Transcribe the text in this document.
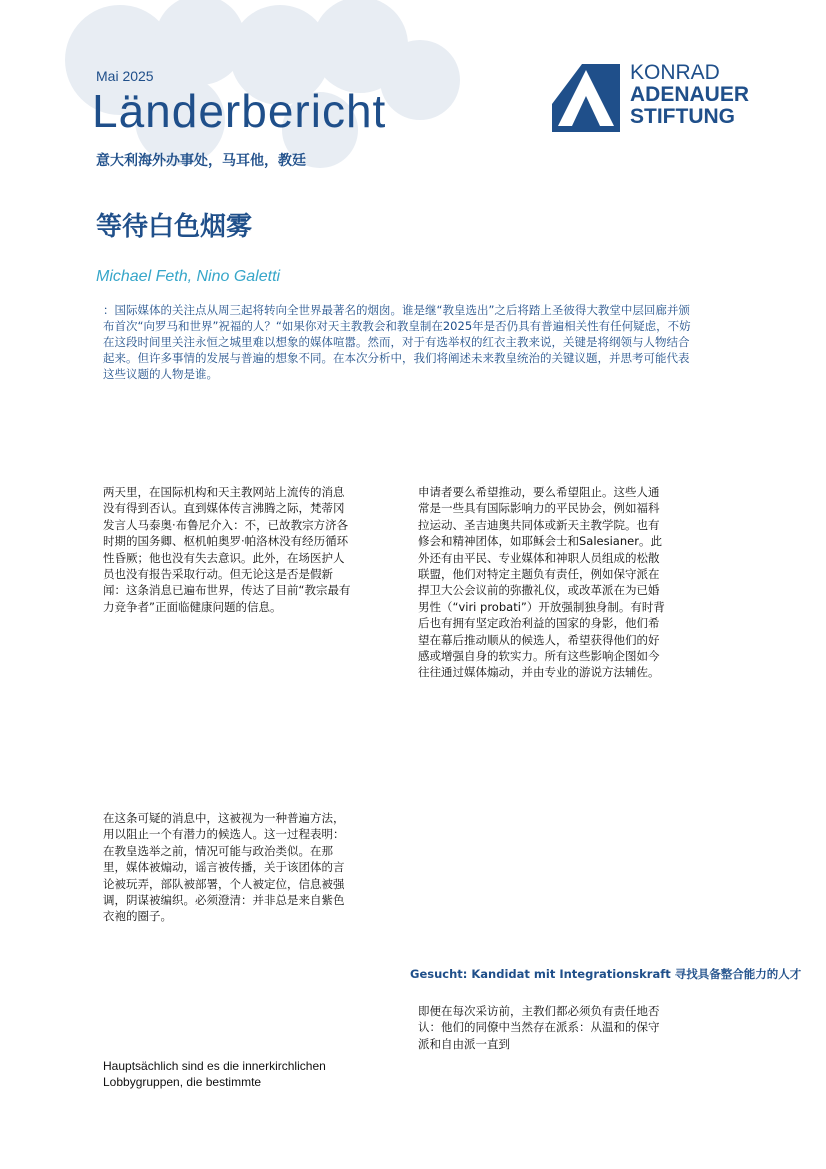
Mai 2025
Länderbericht
意大利海外办事处，马耳他，教廷
KONRAD
ADENAUER
STIFTUNG
等待白色烟雾
Michael Feth, Nino Galetti
：国际媒体的关注点从周三起将转向全世界最著名的烟囱。谁是继“教皇选出”之后将踏上圣彼得大教堂中层回廊并颁布首次“向罗马和世界”祝福的人？“如果你对天主教教会和教皇制在2025年是否仍具有普遍相关性有任何疑虑，不妨在这段时间里关注永恒之城里难以想象的媒体喧嚣。然而，对于有选举权的红衣主教来说，关键是将纲领与人物结合起来。但许多事情的发展与普遍的想象不同。在本次分析中，我们将阐述未来教皇统治的关键议题，并思考可能代表这些议题的人物是谁。
两天里，在国际机构和天主教网站上流传的消息没有得到否认。直到媒体传言沸腾之际，梵蒂冈发言人马泰奥·布鲁尼介入：不，已故教宗方济各时期的国务卿、枢机帕奥罗·帕洛林没有经历循环性昏厥；他也没有失去意识。此外，在场医护人员也没有报告采取行动。但无论这是否是假新闻：这条消息已遍布世界，传达了目前“教宗最有力竞争者”正面临健康问题的信息。
申请者要么希望推动，要么希望阻止。这些人通常是一些具有国际影响力的平民协会，例如福科拉运动、圣吉迪奥共同体或新天主教学院。也有修会和精神团体，如耶稣会士和Salesianer。此外还有由平民、专业媒体和神职人员组成的松散联盟，他们对特定主题负有责任，例如保守派在捍卫大公会议前的弥撒礼仪，或改革派在为已婚男性（“viri probati”）开放强制独身制。有时背后也有拥有坚定政治利益的国家的身影，他们希望在幕后推动顺从的候选人，希望获得他们的好感或增强自身的软实力。所有这些影响企图如今往往通过媒体煽动，并由专业的游说方法辅佐。
在这条可疑的消息中，这被视为一种普遍方法，用以阻止一个有潜力的候选人。这一过程表明：在教皇选举之前，情况可能与政治类似。在那里，媒体被煽动，谣言被传播，关于该团体的言论被玩弄，部队被部署，个人被定位，信息被强调，阴谋被编织。必须澄清：并非总是来自紫色衣袍的圈子。
Gesucht: Kandidat mit Integrationskraft 寻找具备整合能力的人才
即便在每次采访前，主教们都必须负有责任地否认：他们的同僚中当然存在派系：从温和的保守派和自由派一直到
Hauptsächlich sind es die innerkirchlichen Lobbygruppen, die bestimmte
